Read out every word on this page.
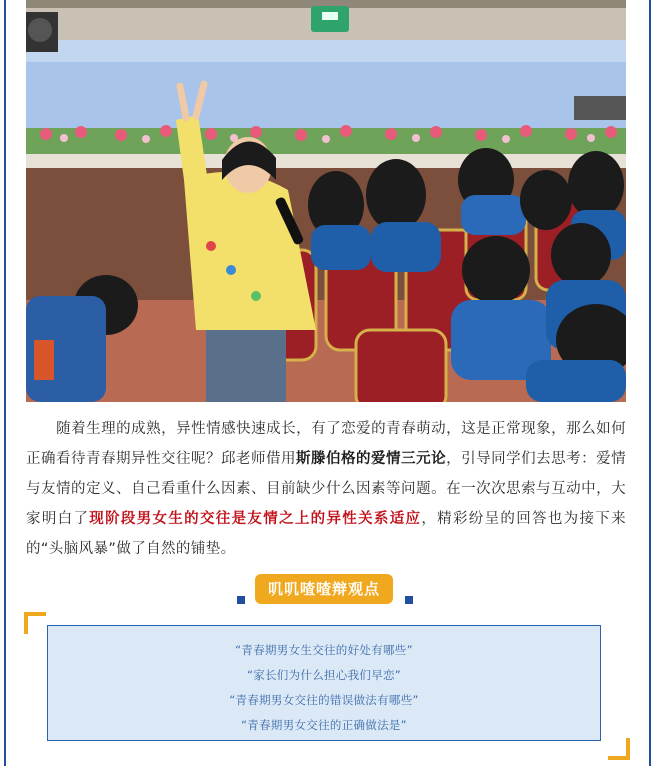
随着生理的成熟，异性情感快速成长，有了恋爱的青春萌动，这是正常现象，那么如何正确看待青春期异性交往呢？邱老师借用斯滕伯格的爱情三元论，引导同学们去思考：爱情与友情的定义、自己看重什么因素、目前缺少什么因素等问题。在一次次思索与互动中，大家明白了现阶段男女生的交往是友情之上的异性关系适应，精彩纷呈的回答也为接下来的“头脑风暴”做了自然的铺垫。
叽叽喳喳辩观点
“青春期男女生交往的好处有哪些”
“家长们为什么担心我们早恋”
“青春期男女交往的错误做法有哪些”
“青春期男女交往的正确做法是”
